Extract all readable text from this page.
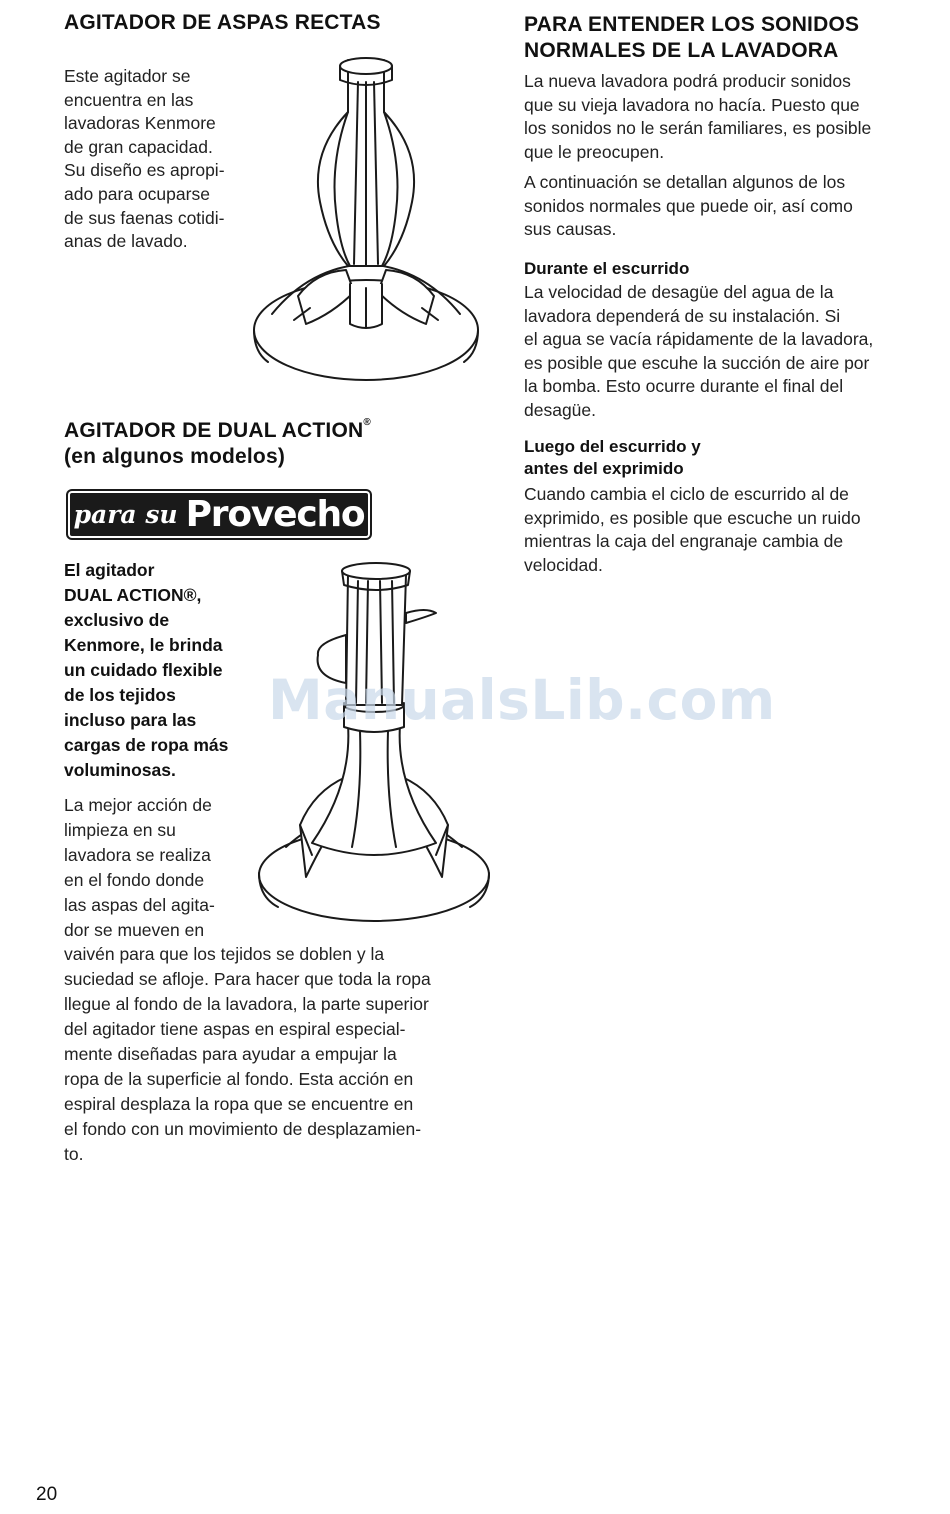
AGITADOR DE ASPAS RECTAS
Este agitador se
encuentra en las
lavadoras Kenmore
de gran capacidad.
Su diseño es apropi-
ado para ocuparse
de sus faenas cotidi-
anas de lavado.
AGITADOR DE DUAL ACTION®
(en algunos modelos)
para su Provecho
El agitador
DUAL ACTION®,
exclusivo de
Kenmore, le brinda
un cuidado flexible
de los tejidos
incluso para las
cargas de ropa más
voluminosas.
La mejor acción de
limpieza en su
lavadora se realiza
en el fondo donde
las aspas del agita-
dor se mueven en
vaivén para que los tejidos se doblen y la
suciedad se afloje. Para hacer que toda la ropa
llegue al fondo de la lavadora, la parte superior
del agitador tiene aspas en espiral especial-
mente diseñadas para ayudar a empujar la
ropa de la superficie al fondo. Esta acción en
espiral desplaza la ropa que se encuentre en
el fondo con un movimiento de desplazamien-
to.
PARA ENTENDER LOS SONIDOS
NORMALES DE LA LAVADORA
La nueva lavadora podrá producir sonidos
que su vieja lavadora no hacía. Puesto que
los sonidos no le serán familiares, es posible
que le preocupen.
A continuación se detallan algunos de los
sonidos normales que puede oir, así como
sus causas.
Durante el escurrido
La velocidad de desagüe del agua de la
lavadora dependerá de su instalación. Si
el agua se vacía rápidamente de la lavadora,
es posible que escuhe la succión de aire por
la bomba. Esto ocurre durante el final del
desagüe.
Luego del escurrido y
antes del exprimido
Cuando cambia el ciclo de escurrido al de
exprimido, es posible que escuche un ruido
mientras la caja del engranaje cambia de
velocidad.
ManualsLib.com
20
